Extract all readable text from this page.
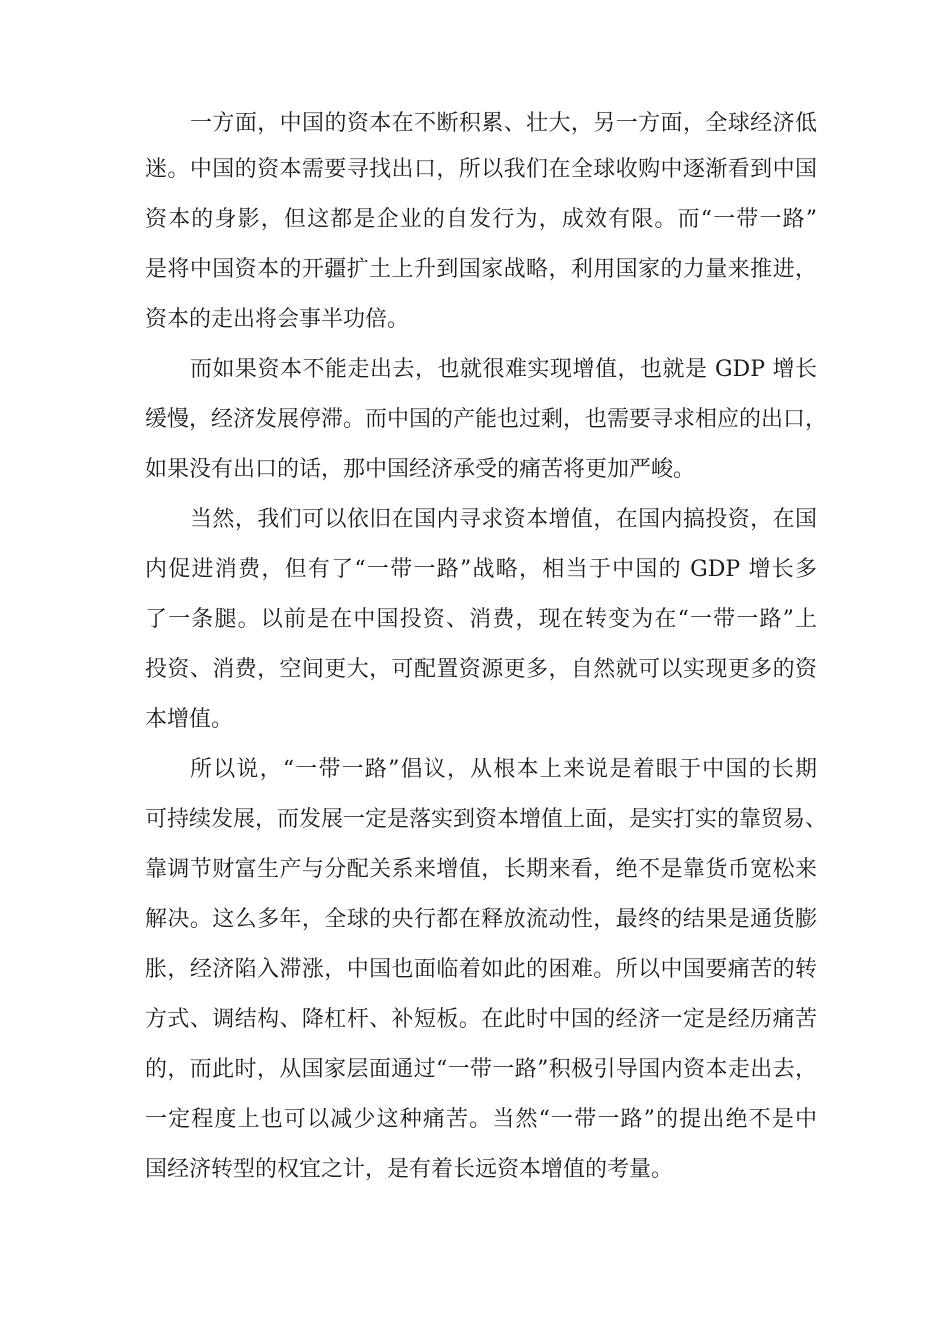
一方面，中国的资本在不断积累、壮大，另一方面，全球经济低
迷。中国的资本需要寻找出口，所以我们在全球收购中逐渐看到中国
资本的身影，但这都是企业的自发行为，成效有限。而“一带一路”
是将中国资本的开疆扩土上升到国家战略，利用国家的力量来推进，
资本的走出将会事半功倍。
而如果资本不能走出去，也就很难实现增值，也就是 GDP 增长
缓慢，经济发展停滞。而中国的产能也过剩，也需要寻求相应的出口，
如果没有出口的话，那中国经济承受的痛苦将更加严峻。
当然，我们可以依旧在国内寻求资本增值，在国内搞投资，在国
内促进消费，但有了“一带一路”战略，相当于中国的 GDP 增长多
了一条腿。以前是在中国投资、消费，现在转变为在“一带一路”上
投资、消费，空间更大，可配置资源更多，自然就可以实现更多的资
本增值。
所以说，“一带一路”倡议，从根本上来说是着眼于中国的长期
可持续发展，而发展一定是落实到资本增值上面，是实打实的靠贸易、
靠调节财富生产与分配关系来增值，长期来看，绝不是靠货币宽松来
解决。这么多年，全球的央行都在释放流动性，最终的结果是通货膨
胀，经济陷入滞涨，中国也面临着如此的困难。所以中国要痛苦的转
方式、调结构、降杠杆、补短板。在此时中国的经济一定是经历痛苦
的，而此时，从国家层面通过“一带一路”积极引导国内资本走出去，
一定程度上也可以减少这种痛苦。当然“一带一路”的提出绝不是中
国经济转型的权宜之计，是有着长远资本增值的考量。
